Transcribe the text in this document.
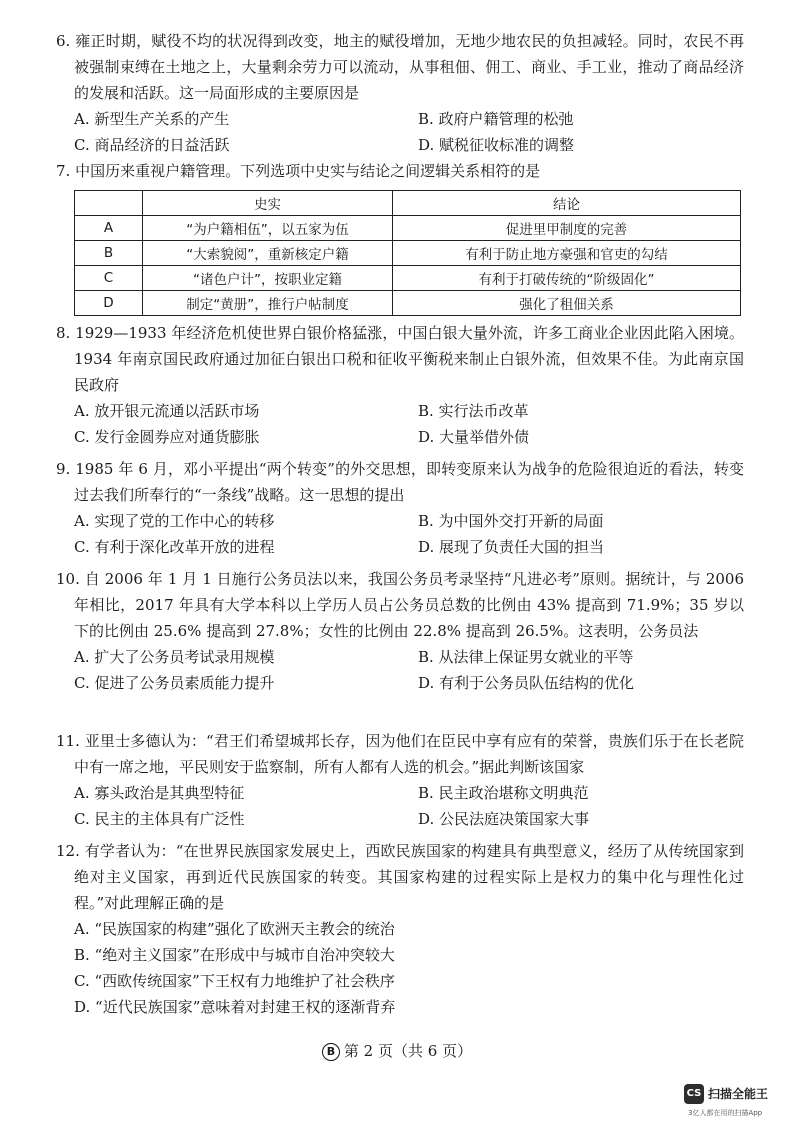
6. 雍正时期，赋役不均的状况得到改变，地主的赋役增加，无地少地农民的负担减轻。同时，农民不再被强制束缚在土地之上，大量剩余劳力可以流动，从事租佃、佣工、商业、手工业，推动了商品经济的发展和活跃。这一局面形成的主要原因是
A. 新型生产关系的产生	B. 政府户籍管理的松弛
C. 商品经济的日益活跃	D. 赋税征收标准的调整
7. 中国历来重视户籍管理。下列选项中史实与结论之间逻辑关系相符的是
	史实	结论
A	“为户籍相伍”，以五家为伍	促进里甲制度的完善
B	“大索貌阅”，重新核定户籍	有利于防止地方豪强和官吏的勾结
C	“诸色户计”，按职业定籍	有利于打破传统的“阶级固化”
D	制定“黄册”，推行户帖制度	强化了租佃关系
8. 1929—1933 年经济危机使世界白银价格猛涨，中国白银大量外流，许多工商业企业因此陷入困境。1934 年南京国民政府通过加征白银出口税和征收平衡税来制止白银外流，但效果不佳。为此南京国民政府
A. 放开银元流通以活跃市场	B. 实行法币改革
C. 发行金圆券应对通货膨胀	D. 大量举借外债
9. 1985 年 6 月，邓小平提出“两个转变”的外交思想，即转变原来认为战争的危险很迫近的看法，转变过去我们所奉行的“一条线”战略。这一思想的提出
A. 实现了党的工作中心的转移	B. 为中国外交打开新的局面
C. 有利于深化改革开放的进程	D. 展现了负责任大国的担当
10. 自 2006 年 1 月 1 日施行公务员法以来，我国公务员考录坚持“凡进必考”原则。据统计，与 2006 年相比，2017 年具有大学本科以上学历人员占公务员总数的比例由 43% 提高到 71.9%；35 岁以下的比例由 25.6% 提高到 27.8%；女性的比例由 22.8% 提高到 26.5%。这表明，公务员法
A. 扩大了公务员考试录用规模	B. 从法律上保证男女就业的平等
C. 促进了公务员素质能力提升	D. 有利于公务员队伍结构的优化
11. 亚里士多德认为：“君王们希望城邦长存，因为他们在臣民中享有应有的荣誉，贵族们乐于在长老院中有一席之地，平民则安于监察制，所有人都有人选的机会。”据此判断该国家
A. 寡头政治是其典型特征	B. 民主政治堪称文明典范
C. 民主的主体具有广泛性	D. 公民法庭决策国家大事
12. 有学者认为：“在世界民族国家发展史上，西欧民族国家的构建具有典型意义，经历了从传统国家到绝对主义国家，再到近代民族国家的转变。其国家构建的过程实际上是权力的集中化与理性化过程。”对此理解正确的是
A. “民族国家的构建”强化了欧洲天主教会的统治
B. “绝对主义国家”在形成中与城市自治冲突较大
C. “西欧传统国家”下王权有力地维护了社会秩序
D. “近代民族国家”意味着对封建王权的逐渐背弃
B 第 2 页（共 6 页）
CS 扫描全能王
3亿人都在用的扫描App
